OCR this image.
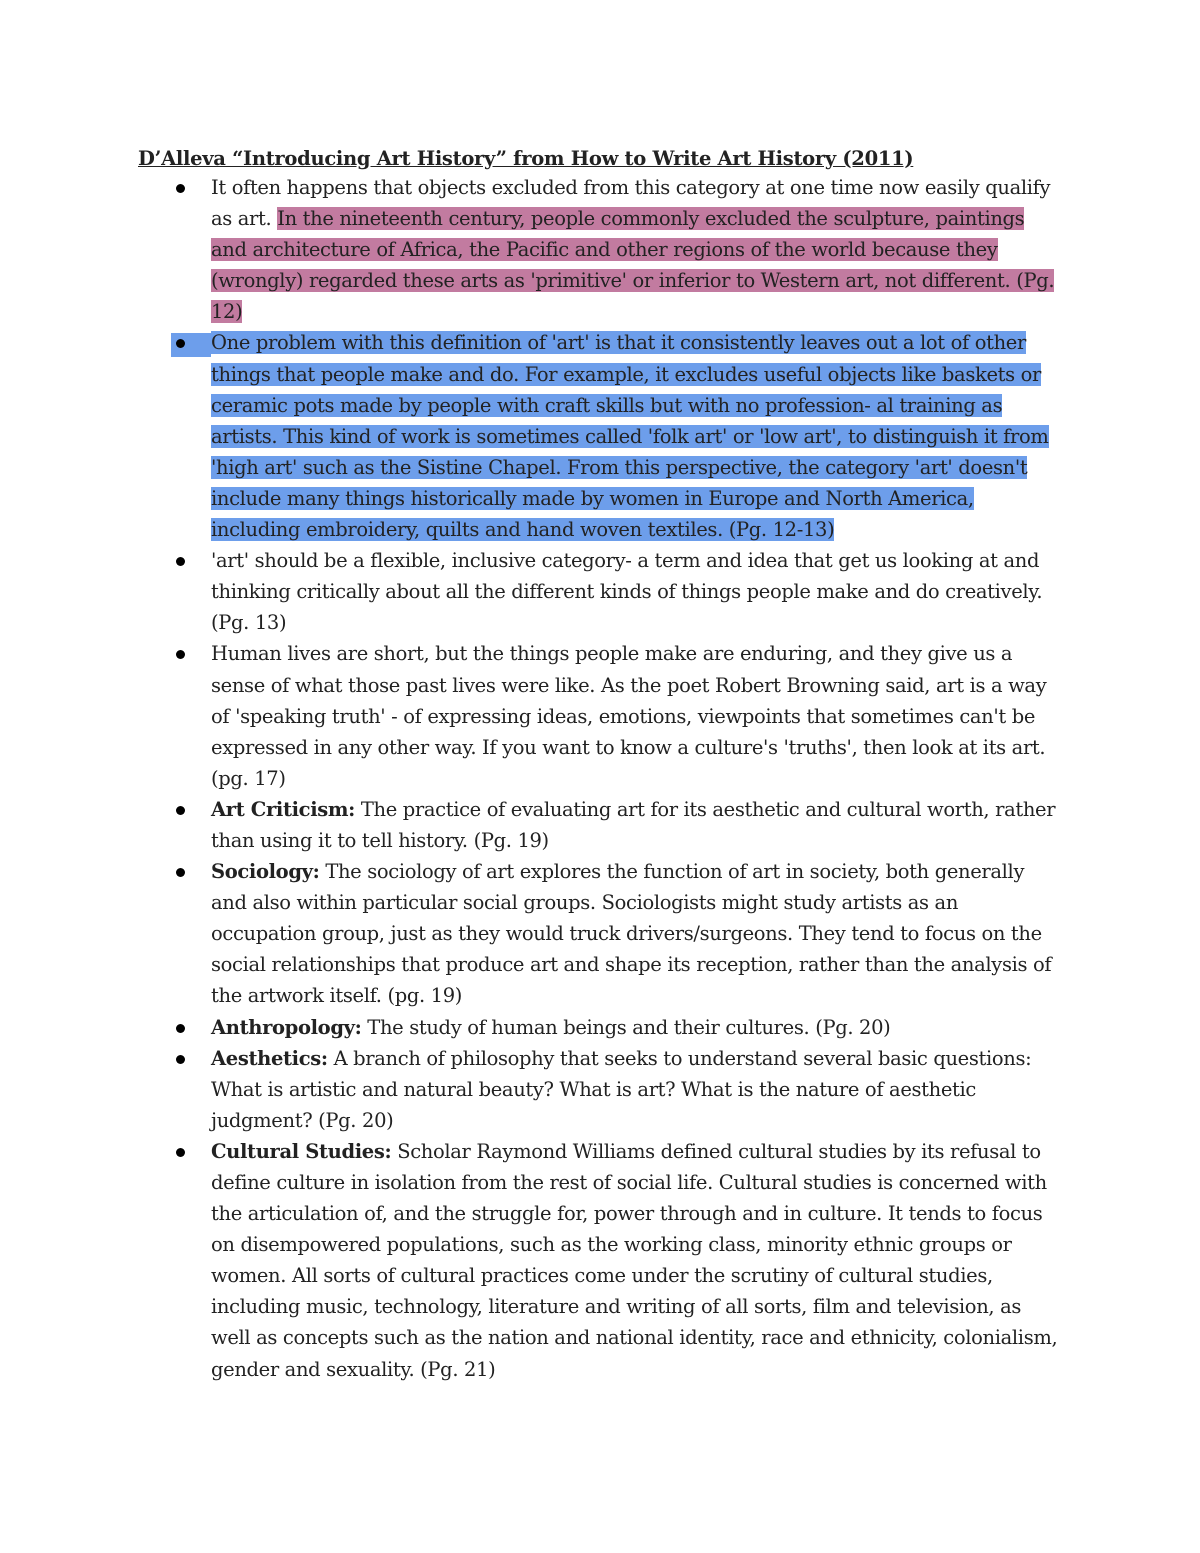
D’Alleva “Introducing Art History” from How to Write Art History (2011)
It often happens that objects excluded from this category at one time now easily qualify as art. In the nineteenth century, people commonly excluded the sculpture, paintings and architecture of Africa, the Pacific and other regions of the world because they (wrongly) regarded these arts as 'primitive' or inferior to Western art, not different. (Pg. 12)
One problem with this definition of 'art' is that it consistently leaves out a lot of other things that people make and do. For example, it excludes useful objects like baskets or ceramic pots made by people with craft skills but with no profession- al training as artists. This kind of work is sometimes called 'folk art' or 'low art', to distinguish it from 'high art' such as the Sistine Chapel. From this perspective, the category 'art' doesn't include many things historically made by women in Europe and North America, including embroidery, quilts and hand woven textiles. (Pg. 12-13)
'art' should be a flexible, inclusive category- a term and idea that get us looking at and thinking critically about all the different kinds of things people make and do creatively. (Pg. 13)
Human lives are short, but the things people make are enduring, and they give us a sense of what those past lives were like. As the poet Robert Browning said, art is a way of 'speaking truth' - of expressing ideas, emotions, viewpoints that sometimes can't be expressed in any other way. If you want to know a culture's 'truths', then look at its art. (pg. 17)
Art Criticism: The practice of evaluating art for its aesthetic and cultural worth, rather than using it to tell history. (Pg. 19)
Sociology: The sociology of art explores the function of art in society, both generally and also within particular social groups. Sociologists might study artists as an occupation group, just as they would truck drivers/surgeons. They tend to focus on the social relationships that produce art and shape its reception, rather than the analysis of the artwork itself. (pg. 19)
Anthropology: The study of human beings and their cultures. (Pg. 20)
Aesthetics: A branch of philosophy that seeks to understand several basic questions: What is artistic and natural beauty? What is art? What is the nature of aesthetic judgment? (Pg. 20)
Cultural Studies: Scholar Raymond Williams defined cultural studies by its refusal to define culture in isolation from the rest of social life. Cultural studies is concerned with the articulation of, and the struggle for, power through and in culture. It tends to focus on disempowered populations, such as the working class, minority ethnic groups or women. All sorts of cultural practices come under the scrutiny of cultural studies, including music, technology, literature and writing of all sorts, film and television, as well as concepts such as the nation and national identity, race and ethnicity, colonialism, gender and sexuality. (Pg. 21)
